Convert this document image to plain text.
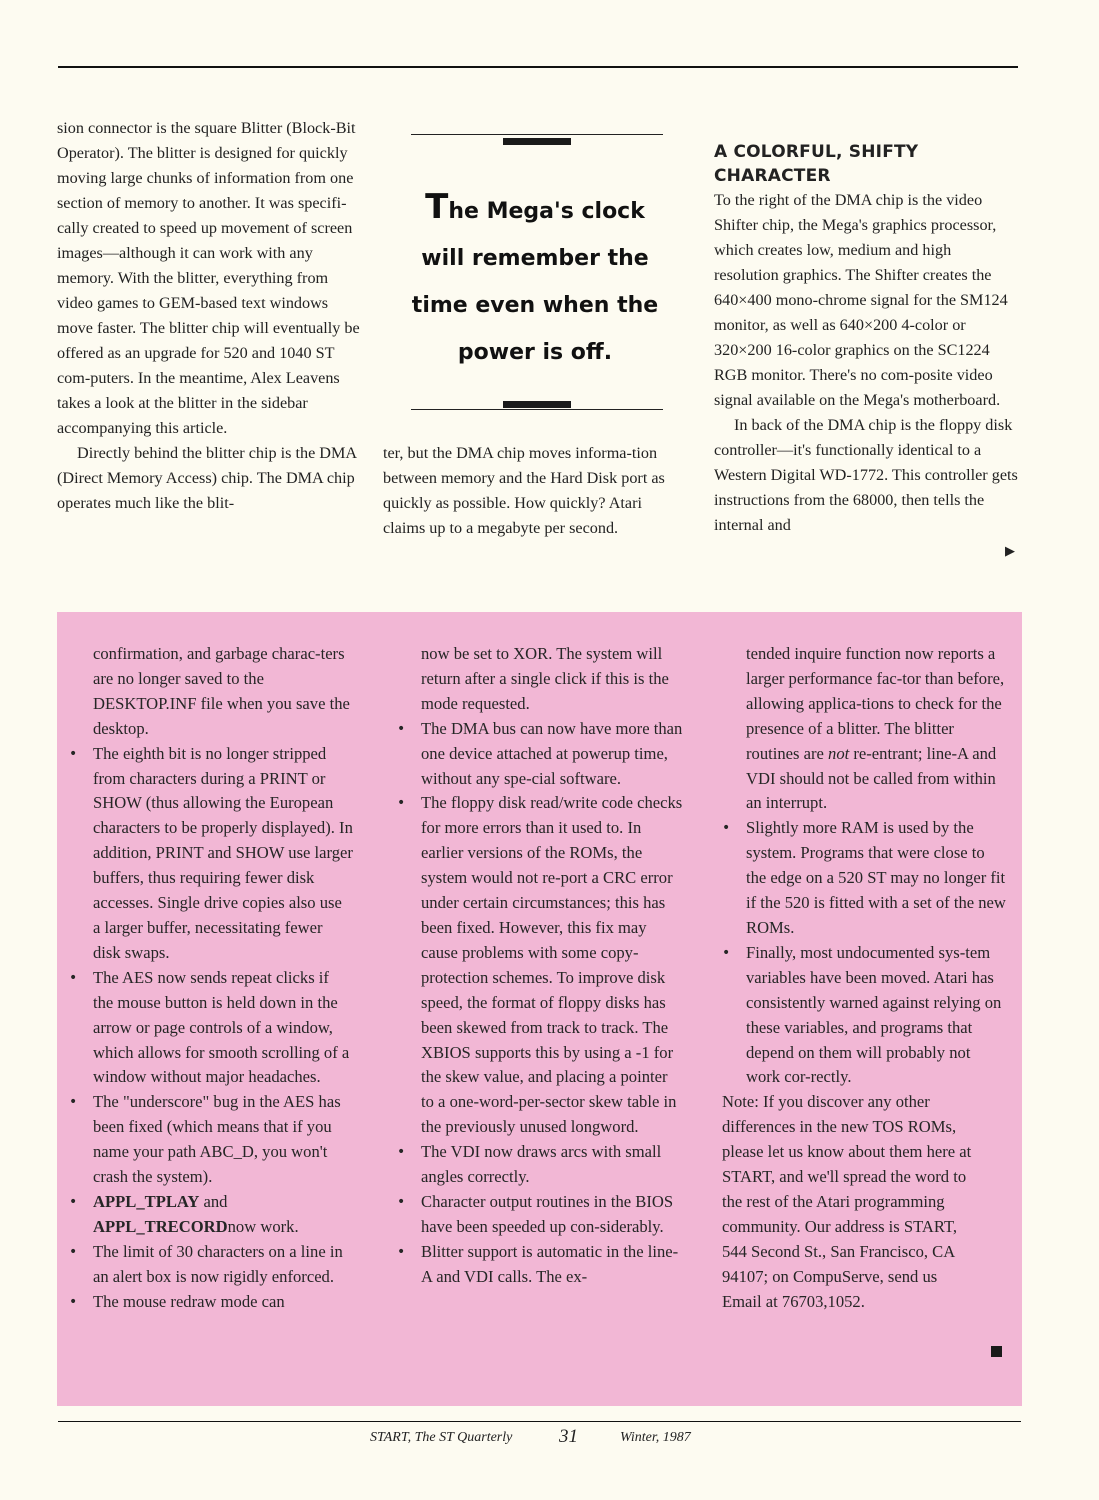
sion connector is the square Blitter (Block-Bit Operator). The blitter is designed for quickly moving large chunks of information from one section of memory to another. It was specifi-cally created to speed up movement of screen images—although it can work with any memory. With the blitter, everything from video games to GEM-based text windows move faster. The blitter chip will eventually be offered as an upgrade for 520 and 1040 ST com-puters. In the meantime, Alex Leavens takes a look at the blitter in the sidebar accompanying this article.

Directly behind the blitter chip is the DMA (Direct Memory Access) chip. The DMA chip operates much like the blit-

The Mega's clock will remember the time even when the power is off.

ter, but the DMA chip moves informa-tion between memory and the Hard Disk port as quickly as possible. How quickly? Atari claims up to a megabyte per second.

A COLORFUL, SHIFTY CHARACTER

To the right of the DMA chip is the video Shifter chip, the Mega's graphics processor, which creates low, medium and high resolution graphics. The Shifter creates the 640×400 mono-chrome signal for the SM124 monitor, as well as 640×200 4-color or 320×200 16-color graphics on the SC1224 RGB monitor. There's no com-posite video signal available on the Mega's motherboard.

In back of the DMA chip is the floppy disk controller—it's functionally identical to a Western Digital WD-1772. This controller gets instructions from the 68000, then tells the internal and

▶

confirmation, and garbage charac-ters are no longer saved to the DESKTOP.INF file when you save the desktop.

• The eighth bit is no longer stripped from characters during a PRINT or SHOW (thus allowing the European characters to be properly displayed). In addition, PRINT and SHOW use larger buffers, thus requiring fewer disk accesses. Single drive copies also use a larger buffer, necessitating fewer disk swaps.
• The AES now sends repeat clicks if the mouse button is held down in the arrow or page controls of a window, which allows for smooth scrolling of a window without major headaches.
• The "underscore" bug in the AES has been fixed (which means that if you name your path ABC_D, you won't crash the system).
• APPL_TPLAY and APPL_TRECORDnow work.
• The limit of 30 characters on a line in an alert box is now rigidly enforced.
• The mouse redraw mode can

now be set to XOR. The system will return after a single click if this is the mode requested.

• The DMA bus can now have more than one device attached at powerup time, without any spe-cial software.
• The floppy disk read/write code checks for more errors than it used to. In earlier versions of the ROMs, the system would not re-port a CRC error under certain circumstances; this has been fixed. However, this fix may cause problems with some copy-protection schemes. To improve disk speed, the format of floppy disks has been skewed from track to track. The XBIOS supports this by using a -1 for the skew value, and placing a pointer to a one-word-per-sector skew table in the previously unused longword.
• The VDI now draws arcs with small angles correctly.
• Character output routines in the BIOS have been speeded up con-siderably.
• Blitter support is automatic in the line-A and VDI calls. The ex-

tended inquire function now reports a larger performance fac-tor than before, allowing applica-tions to check for the presence of a blitter. The blitter routines are not re-entrant; line-A and VDI should not be called from within an interrupt.

• Slightly more RAM is used by the system. Programs that were close to the edge on a 520 ST may no longer fit if the 520 is fitted with a set of the new ROMs.
• Finally, most undocumented sys-tem variables have been moved. Atari has consistently warned against relying on these variables, and programs that depend on them will probably not work cor-rectly.

Note: If you discover any other differences in the new TOS ROMs, please let us know about them here at START, and we'll spread the word to the rest of the Atari programming community. Our address is START, 544 Second St., San Francisco, CA 94107; on CompuServe, send us Email at 76703,1052.

START, The ST Quarterly 31	Winter, 1987
